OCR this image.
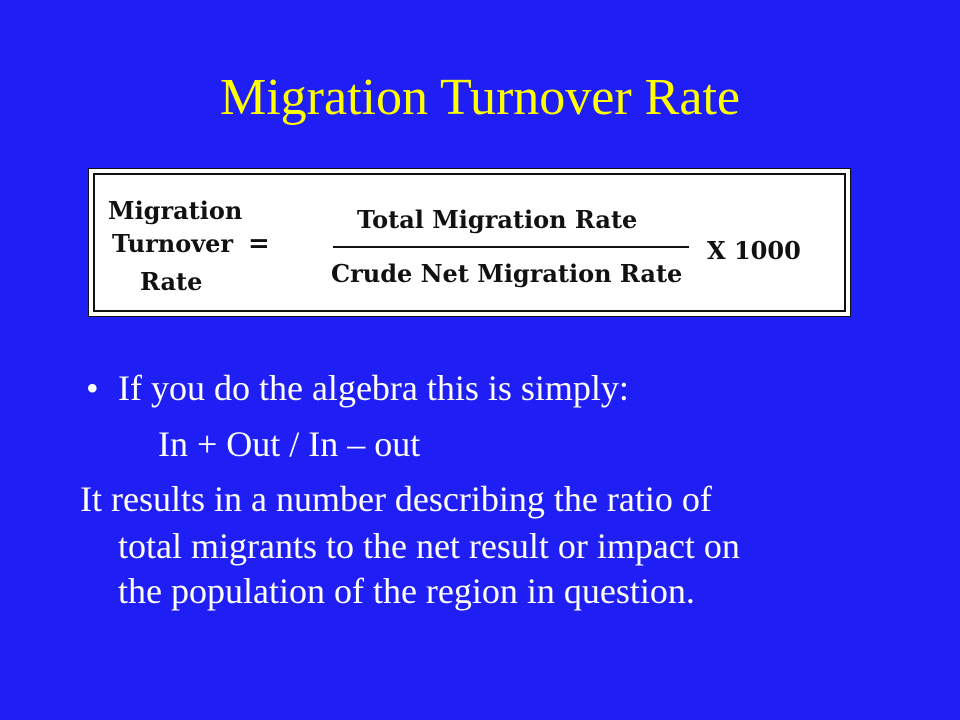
Migration Turnover Rate
Migration
Turnover
Rate
=
Total Migration Rate
Crude Net Migration Rate
X 1000
• If you do the algebra this is simply:
In + Out / In – out
It results in a number describing the ratio of
total migrants to the net result or impact on
the population of the region in question.
